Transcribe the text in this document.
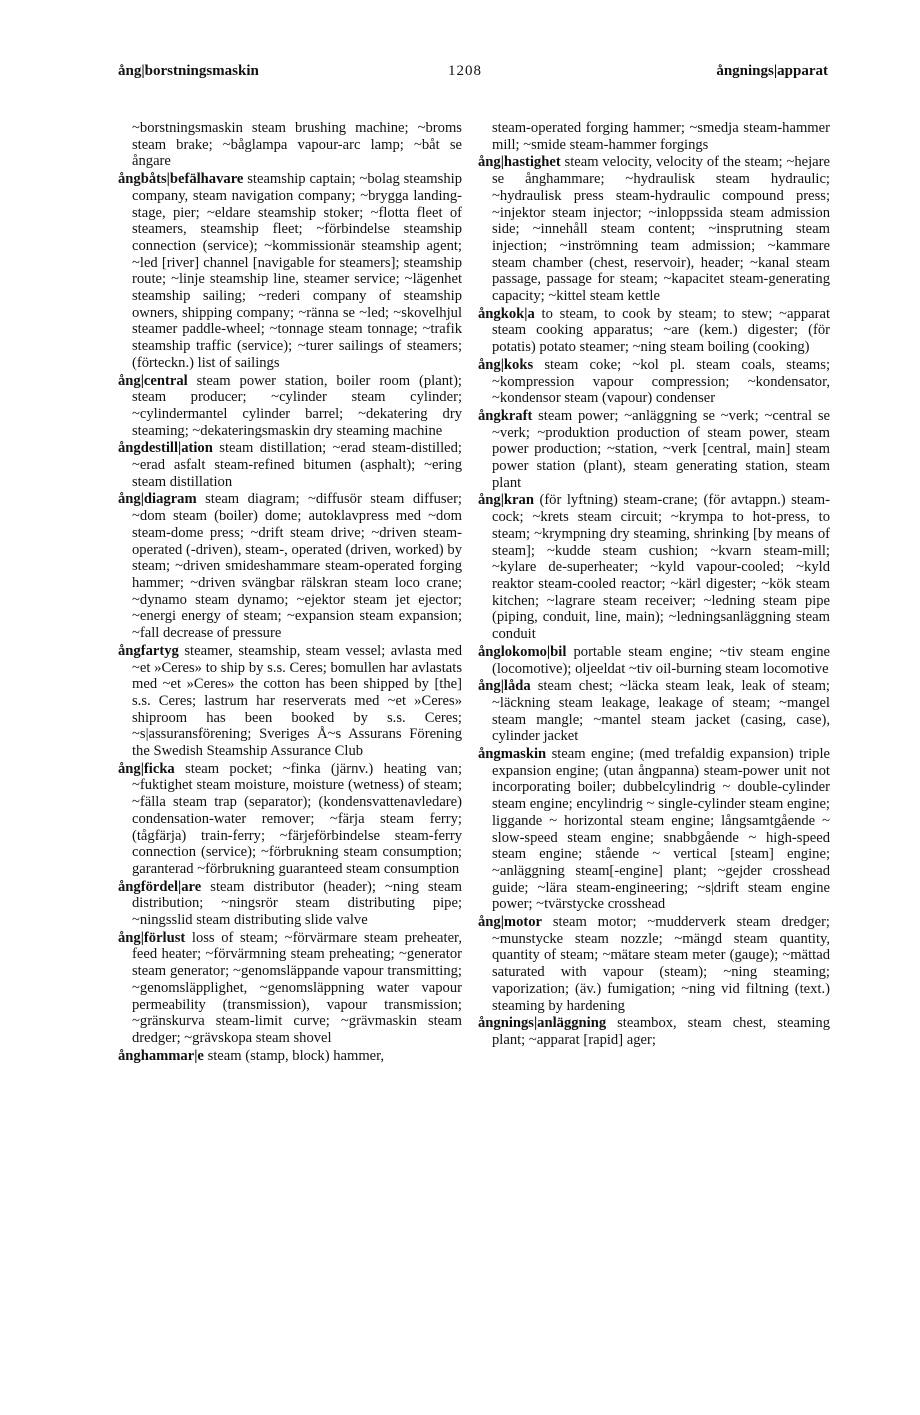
ång|borstningsmaskin	1208	ångnings|apparat

~borstningsmaskin steam brushing machine; ~broms steam brake; ~båglampa vapour-arc lamp; ~båt se ångare

ångbåts|befälhavare steamship captain; ~bolag steamship company, steam navigation company; ~brygga landing-stage, pier; ~eldare steamship stoker; ~flotta fleet of steamers, steamship fleet; ~förbindelse steamship connection (service); ~kommissionär steamship agent; ~led [river] channel [navigable for steamers]; steamship route; ~linje steamship line, steamer service; ~lägenhet steamship sailing; ~rederi company of steamship owners, shipping company; ~ränna se ~led; ~skovelhjul steamer paddle-wheel; ~tonnage steam tonnage; ~trafik steamship traffic (service); ~turer sailings of steamers; (förteckn.) list of sailings

ång|central steam power station, boiler room (plant); steam producer; ~cylinder steam cylinder; ~cylindermantel cylinder barrel; ~dekatering dry steaming; ~dekateringsmaskin dry steaming machine

ångdestill|ation steam distillation; ~erad steam-distilled; ~erad asfalt steam-refined bitumen (asphalt); ~ering steam distillation

ång|diagram steam diagram; ~diffusör steam diffuser; ~dom steam (boiler) dome; autoklavpress med ~dom steam-dome press; ~drift steam drive; ~driven steam-operated (-driven), steam-, operated (driven, worked) by steam; ~driven smideshammare steam-operated forging hammer; ~driven svängbar rälskran steam loco crane; ~dynamo steam dynamo; ~ejektor steam jet ejector; ~energi energy of steam; ~expansion steam expansion; ~fall decrease of pressure

ångfartyg steamer, steamship, steam vessel; avlasta med ~et »Ceres» to ship by s.s. Ceres; bomullen har avlastats med ~et »Ceres» the cotton has been shipped by [the] s.s. Ceres; lastrum har reserverats med ~et »Ceres» shiproom has been booked by s.s. Ceres; ~s|assuransförening; Sveriges Å~s Assurans Förening the Swedish Steamship Assurance Club

ång|ficka steam pocket; ~finka (järnv.) heating van; ~fuktighet steam moisture, moisture (wetness) of steam; ~fälla steam trap (separator); (kondensvattenavledare) condensation-water remover; ~färja steam ferry; (tågfärja) train-ferry; ~färjeförbindelse steam-ferry connection (service); ~förbrukning steam consumption; garanterad ~förbrukning guaranteed steam consumption

ångfördel|are steam distributor (header); ~ning steam distribution; ~ningsrör steam distributing pipe; ~ningsslid steam distributing slide valve

ång|förlust loss of steam; ~förvärmare steam preheater, feed heater; ~förvärmning steam preheating; ~generator steam generator; ~genomsläppande vapour transmitting; ~genomsläpplighet, ~genomsläppning water vapour permeability (transmission), vapour transmission; ~gränskurva steam-limit curve; ~grävmaskin steam dredger; ~grävskopa steam shovel

ånghammar|e steam (stamp, block) hammer,

steam-operated forging hammer; ~smedja steam-hammer mill; ~smide steam-hammer forgings

ång|hastighet steam velocity, velocity of the steam; ~hejare se ånghammare; ~hydraulisk steam hydraulic; ~hydraulisk press steam-hydraulic compound press; ~injektor steam injector; ~inloppssida steam admission side; ~innehåll steam content; ~insprutning steam injection; ~inströmning team admission; ~kammare steam chamber (chest, reservoir), header; ~kanal steam passage, passage for steam; ~kapacitet steam-generating capacity; ~kittel steam kettle

ångkok|a to steam, to cook by steam; to stew; ~apparat steam cooking apparatus; ~are (kem.) digester; (för potatis) potato steamer; ~ning steam boiling (cooking)

ång|koks steam coke; ~kol pl. steam coals, steams; ~kompression vapour compression; ~kondensator, ~kondensor steam (vapour) condenser

ångkraft steam power; ~anläggning se ~verk; ~central se ~verk; ~produktion production of steam power, steam power production; ~station, ~verk [central, main] steam power station (plant), steam generating station, steam plant

ång|kran (för lyftning) steam-crane; (för avtappn.) steam-cock; ~krets steam circuit; ~krympa to hot-press, to steam; ~krympning dry steaming, shrinking [by means of steam]; ~kudde steam cushion; ~kvarn steam-mill; ~kylare de-superheater; ~kyld vapour-cooled; ~kyld reaktor steam-cooled reactor; ~kärl digester; ~kök steam kitchen; ~lagrare steam receiver; ~ledning steam pipe (piping, conduit, line, main); ~ledningsanläggning steam conduit

ånglokomo|bil portable steam engine; ~tiv steam engine (locomotive); oljeeldat ~tiv oil-burning steam locomotive

ång|låda steam chest; ~läcka steam leak, leak of steam; ~läckning steam leakage, leakage of steam; ~mangel steam mangle; ~mantel steam jacket (casing, case), cylinder jacket

ångmaskin steam engine; (med trefaldig expansion) triple expansion engine; (utan ångpanna) steam-power unit not incorporating boiler; dubbelcylindrig ~ double-cylinder steam engine; encylindrig ~ single-cylinder steam engine; liggande ~ horizontal steam engine; långsamtgående ~ slow-speed steam engine; snabbgående ~ high-speed steam engine; stående ~ vertical [steam] engine; ~anläggning steam[-engine] plant; ~gejder crosshead guide; ~lära steam-engineering; ~s|drift steam engine power; ~tvärstycke crosshead

ång|motor steam motor; ~mudderverk steam dredger; ~munstycke steam nozzle; ~mängd steam quantity, quantity of steam; ~mätare steam meter (gauge); ~mättad saturated with vapour (steam); ~ning steaming; vaporization; (äv.) fumigation; ~ning vid filtning (text.) steaming by hardening

ångnings|anläggning steambox, steam chest, steaming plant; ~apparat [rapid] ager;
